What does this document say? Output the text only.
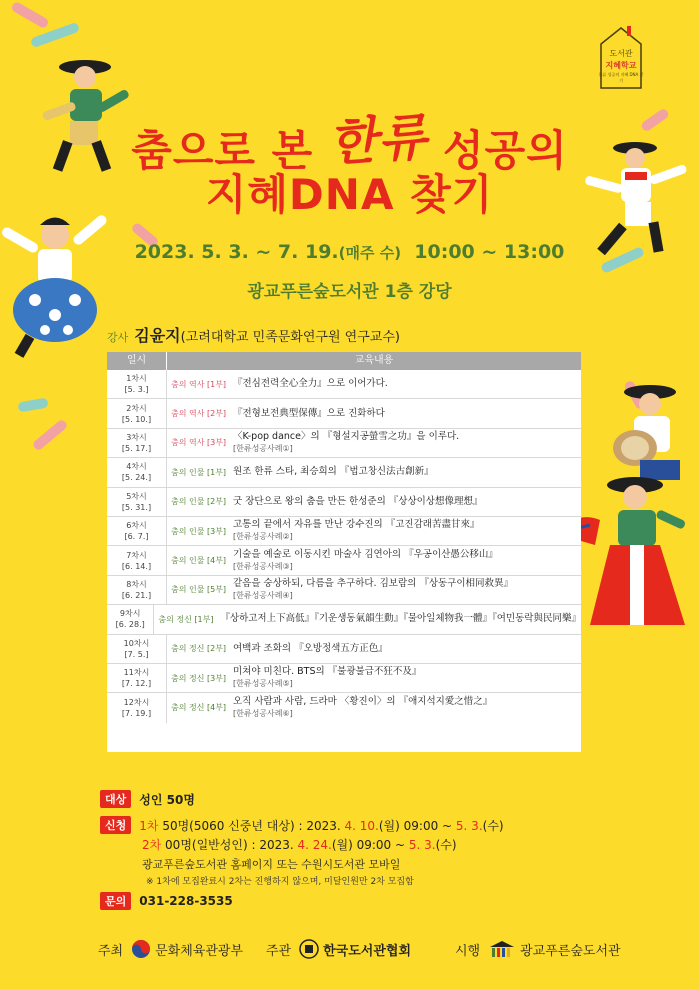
도서관
지혜학교
한류 성공의 지혜 DNA 찾기
춤으로 본 한류 성공의
지혜DNA 찾기
2023. 5. 3. ~ 7. 19.(매주 수) 10:00 ~ 13:00
광교푸른숲도서관 1층 강당
강사 김윤지(고려대학교 민족문화연구원 연구교수)
일시	교육내용
1차시
[5. 3.]
춤의 역사 [1부] 『전심전력全心全力』으로 이어가다.
2차시
[5. 10.]
춤의 역사 [2부] 『전형보전典型保傳』으로 진화하다
3차시
[5. 17.]
춤의 역사 [3부]
〈K-pop dance〉의 『형설지공螢雪之功』을 이루다.
[한류성공사례①]
4차시
[5. 24.]
춤의 인물 [1부] 원조 한류 스타, 최승희의 『법고창신法古創新』
5차시
[5. 31.]
춤의 인물 [2부] 굿 장단으로 왕의 춤을 만든 한성준의 『상상이상想像理想』
6차시
[6. 7.]
춤의 인물 [3부]
고통의 끝에서 자유를 만난 강수진의 『고진감래苦盡甘來』
[한류성공사례②]
7차시
[6. 14.]
춤의 인물 [4부]
기술을 예술로 이동시킨 마술사 김연아의 『우공이산愚公移山』
[한류성공사례③]
8차시
[6. 21.]
춤의 인물 [5부]
같음을 숭상하되, 다름을 추구하다. 김보람의 『상동구이相同救異』
[한류성공사례④]
9차시
[6. 28.]
춤의 정신 [1부] 『상하고저上下高低』『기운생동氣韻生動』『물아일체物我一體』『여민동락與民同樂』
10차시
[7. 5.]
춤의 정신 [2부] 여백과 조화의 『오방정색五方正色』
11차시
[7. 12.]
춤의 정신 [3부]
미쳐야 미친다. BTS의 『불광불급不狂不及』
[한류성공사례⑤]
12차시
[7. 19.]
춤의 정신 [4부]
오직 사람과 사람, 드라마 〈황진이〉의 『애지석지愛之惜之』
[한류성공사례⑥]
대상	성인 50명
신청	1차 50명(5060 신중년 대상) : 2023. 4. 10.(월) 09:00 ~ 5. 3.(수)
2차 00명(일반성인) : 2023. 4. 24.(월) 09:00 ~ 5. 3.(수)
광교푸른숲도서관 홈페이지 또는 수원시도서관 모바일
※ 1차에 모집완료시 2차는 진행하지 않으며, 미달인원만 2차 모집함
문의	031-228-3535
주최 문화체육관광부 주관 한국도서관협회	시행	광교푸른숲도서관
